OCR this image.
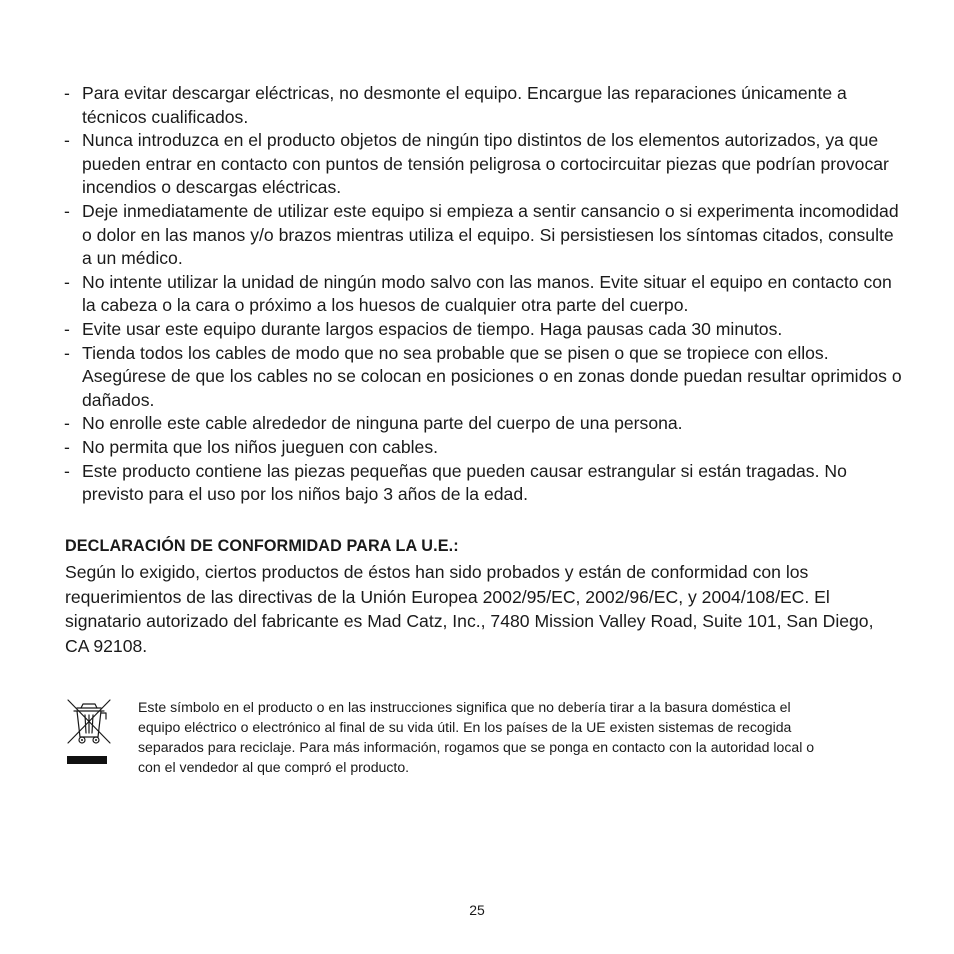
- Para evitar descargar eléctricas, no desmonte el equipo. Encargue las reparaciones únicamente a técnicos cualificados.
- Nunca introduzca en el producto objetos de ningún tipo distintos de los elementos autorizados, ya que pueden entrar en contacto con puntos de tensión peligrosa o cortocircuitar piezas que podrían provocar incendios o descargas eléctricas.
- Deje inmediatamente de utilizar este equipo si empieza a sentir cansancio o si experimenta incomodidad o dolor en las manos y/o brazos mientras utiliza el equipo. Si persistiesen los síntomas citados, consulte a un médico.
- No intente utilizar la unidad de ningún modo salvo con las manos. Evite situar el equipo en contacto con la cabeza o la cara o próximo a los huesos de cualquier otra parte del cuerpo.
- Evite usar este equipo durante largos espacios de tiempo. Haga pausas cada 30 minutos.
- Tienda todos los cables de modo que no sea probable que se pisen o que se tropiece con ellos. Asegúrese de que los cables no se colocan en posiciones o en zonas donde puedan resultar oprimidos o dañados.
- No enrolle este cable alrededor de ninguna parte del cuerpo de una persona.
- No permita que los niños jueguen con cables.
- Este producto contiene las piezas pequeñas que pueden causar estrangular si están tragadas. No previsto para el uso por los niños bajo 3 años de la edad.
DECLARACIÓN DE CONFORMIDAD PARA LA U.E.:

Según lo exigido, ciertos productos de éstos han sido probados y están de conformidad con los requerimientos de las directivas de la Unión Europea 2002/95/EC, 2002/96/EC, y 2004/108/EC. El signatario autorizado del fabricante es Mad Catz, Inc., 7480 Mission Valley Road, Suite 101, San Diego, CA 92108.

Este símbolo en el producto o en las instrucciones significa que no debería tirar a la basura doméstica el equipo eléctrico o electrónico al final de su vida útil. En los países de la UE existen sistemas de recogida separados para reciclaje. Para más información, rogamos que se ponga en contacto con la autoridad local o con el vendedor al que compró el producto.

25
